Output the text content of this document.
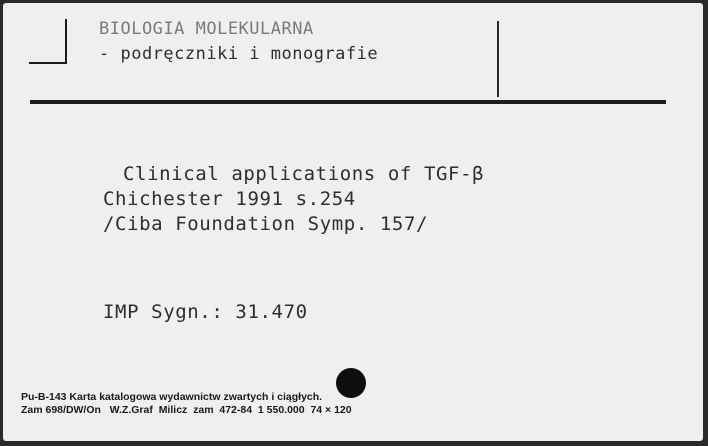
BIOLOGIA MOLEKULARNA
- podręczniki i monografie
Clinical applications of TGF-β
Chichester 1991 s.254
/Ciba Foundation Symp. 157/
IMP Sygn.: 31.470
Pu-B-143 Karta katalogowa wydawnictw zwartych i ciągłych.
Zam 698/DW/On   W.Z.Graf  Milicz  zam  472-84  1 550.000  74 × 120
